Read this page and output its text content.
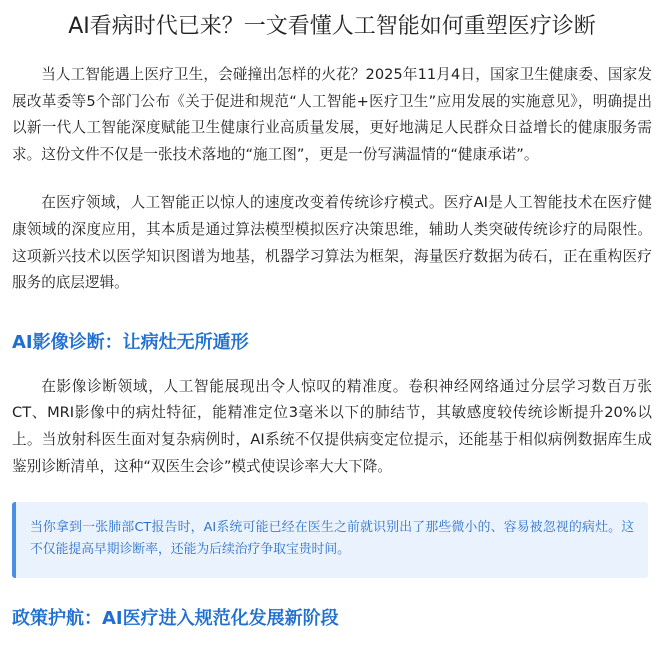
AI看病时代已来？一文看懂人工智能如何重塑医疗诊断

当人工智能遇上医疗卫生，会碰撞出怎样的火花？2025年11月4日，国家卫生健康委、国家发展改革委等5个部门公布《关于促进和规范“人工智能+医疗卫生”应用发展的实施意见》，明确提出以新一代人工智能深度赋能卫生健康行业高质量发展，更好地满足人民群众日益增长的健康服务需求。这份文件不仅是一张技术落地的“施工图”，更是一份写满温情的“健康承诺”。

在医疗领域，人工智能正以惊人的速度改变着传统诊疗模式。医疗AI是人工智能技术在医疗健康领域的深度应用，其本质是通过算法模型模拟医疗决策思维，辅助人类突破传统诊疗的局限性。这项新兴技术以医学知识图谱为地基，机器学习算法为框架，海量医疗数据为砖石，正在重构医疗服务的底层逻辑。

AI影像诊断：让病灶无所遁形

在影像诊断领域，人工智能展现出令人惊叹的精准度。卷积神经网络通过分层学习数百万张CT、MRI影像中的病灶特征，能精准定位3毫米以下的肺结节，其敏感度较传统诊断提升20%以上。当放射科医生面对复杂病例时，AI系统不仅提供病变定位提示，还能基于相似病例数据库生成鉴别诊断清单，这种“双医生会诊”模式使误诊率大大下降。

当你拿到一张肺部CT报告时，AI系统可能已经在医生之前就识别出了那些微小的、容易被忽视的病灶。这不仅能提高早期诊断率，还能为后续治疗争取宝贵时间。

政策护航：AI医疗进入规范化发展新阶段
